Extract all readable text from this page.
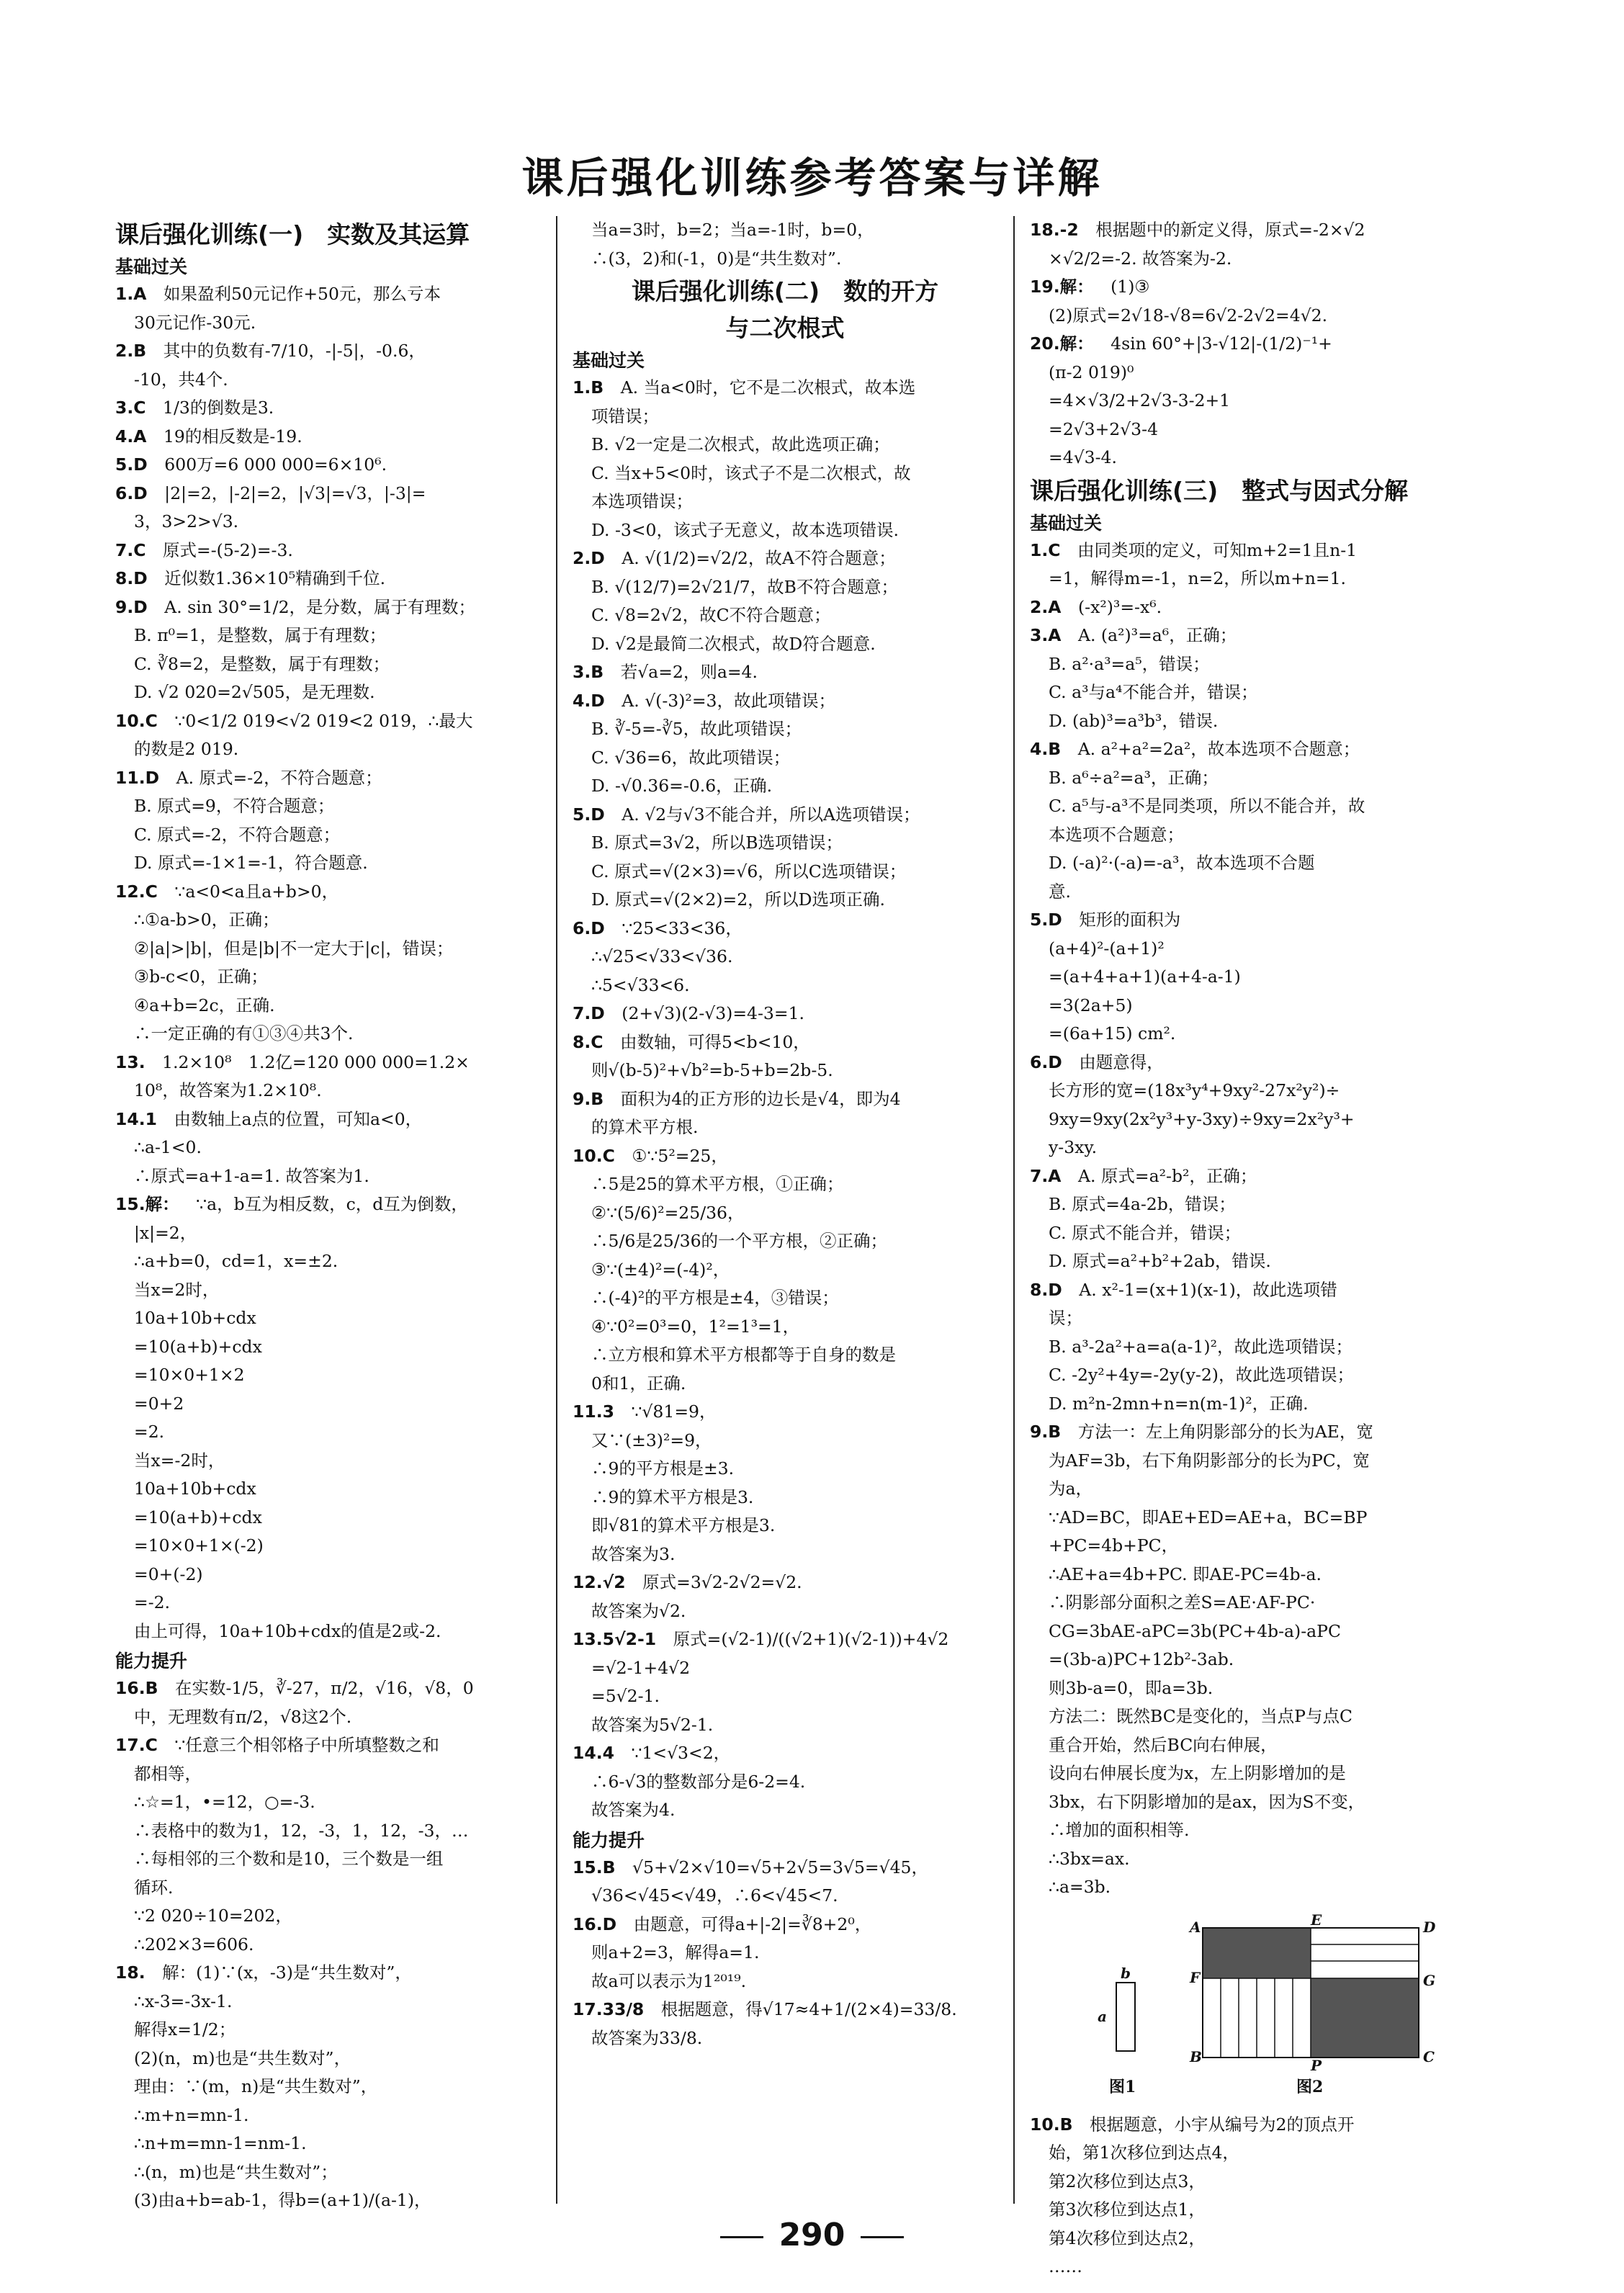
课后强化训练参考答案与详解
课后强化训练(一)　实数及其运算
基础过关
1.A 如果盈利50元记作+50元，那么亏本
30元记作-30元.
2.B 其中的负数有-7/10，-|-5|，-0.6，
-10，共4个.
3.C 1/3的倒数是3.
4.A 19的相反数是-19.
5.D 600万=6 000 000=6×10⁶.
6.D |2|=2，|-2|=2，|√3|=√3，|-3|=
3，3>2>√3.
7.C 原式=-(5-2)=-3.
8.D 近似数1.36×10⁵精确到千位.
9.D A. sin 30°=1/2，是分数，属于有理数；
B. π⁰=1，是整数，属于有理数；
C. ∛8=2，是整数，属于有理数；
D. √2 020=2√505，是无理数.
10.C ∵0<1/2 019<√2 019<2 019，∴最大
的数是2 019.
11.D A. 原式=-2，不符合题意；
B. 原式=9，不符合题意；
C. 原式=-2，不符合题意；
D. 原式=-1×1=-1，符合题意.
12.C ∵a<0<a且a+b>0，
∴①a-b>0，正确；
②|a|>|b|，但是|b|不一定大于|c|，错误；
③b-c<0，正确；
④a+b=2c，正确.
∴一定正确的有①③④共3个.
13. 1.2×10⁸　1.2亿=120 000 000=1.2×
10⁸，故答案为1.2×10⁸.
14.1 由数轴上a点的位置，可知a<0，
∴a-1<0.
∴原式=a+1-a=1. 故答案为1.
15.解： ∵a，b互为相反数，c，d互为倒数，
|x|=2，
∴a+b=0，cd=1，x=±2.
当x=2时，
10a+10b+cdx
=10(a+b)+cdx
=10×0+1×2
=0+2
=2.
当x=-2时，
10a+10b+cdx
=10(a+b)+cdx
=10×0+1×(-2)
=0+(-2)
=-2.
由上可得，10a+10b+cdx的值是2或-2.
能力提升
16.B 在实数-1/5，∛-27，π/2，√16，√8，0
中，无理数有π/2，√8这2个.
17.C ∵任意三个相邻格子中所填整数之和
都相等，
∴☆=1，•=12，○=-3.
∴表格中的数为1，12，-3，1，12，-3，…
∴每相邻的三个数和是10，三个数是一组
循环.
∵2 020÷10=202，
∴202×3=606.
18. 解：(1)∵(x，-3)是“共生数对”，
∴x-3=-3x-1.
解得x=1/2；
(2)(n，m)也是“共生数对”，
理由：∵(m，n)是“共生数对”，
∴m+n=mn-1.
∴n+m=mn-1=nm-1.
∴(n，m)也是“共生数对”；
(3)由a+b=ab-1，得b=(a+1)/(a-1)，
当a=3时，b=2；当a=-1时，b=0，
∴(3，2)和(-1，0)是“共生数对”.
课后强化训练(二)　数的开方
与二次根式
基础过关
1.B A. 当a<0时，它不是二次根式，故本选
项错误；
B. √2一定是二次根式，故此选项正确；
C. 当x+5<0时，该式子不是二次根式，故
本选项错误；
D. -3<0，该式子无意义，故本选项错误.
2.D A. √(1/2)=√2/2，故A不符合题意；
B. √(12/7)=2√21/7，故B不符合题意；
C. √8=2√2，故C不符合题意；
D. √2是最简二次根式，故D符合题意.
3.B 若√a=2，则a=4.
4.D A. √(-3)²=3，故此项错误；
B. ∛-5=-∛5，故此项错误；
C. √36=6，故此项错误；
D. -√0.36=-0.6，正确.
5.D A. √2与√3不能合并，所以A选项错误；
B. 原式=3√2，所以B选项错误；
C. 原式=√(2×3)=√6，所以C选项错误；
D. 原式=√(2×2)=2，所以D选项正确.
6.D ∵25<33<36，
∴√25<√33<√36.
∴5<√33<6.
7.D (2+√3)(2-√3)=4-3=1.
8.C 由数轴，可得5<b<10，
则√(b-5)²+√b²=b-5+b=2b-5.
9.B 面积为4的正方形的边长是√4，即为4
的算术平方根.
10.C ①∵5²=25，
∴5是25的算术平方根，①正确；
②∵(5/6)²=25/36，
∴5/6是25/36的一个平方根，②正确；
③∵(±4)²=(-4)²，
∴(-4)²的平方根是±4，③错误；
④∵0²=0³=0，1²=1³=1，
∴立方根和算术平方根都等于自身的数是
0和1，正确.
11.3 ∵√81=9，
又∵(±3)²=9，
∴9的平方根是±3.
∴9的算术平方根是3.
即√81的算术平方根是3.
故答案为3.
12.√2 原式=3√2-2√2=√2.
故答案为√2.
13.5√2-1 原式=(√2-1)/((√2+1)(√2-1))+4√2
=√2-1+4√2
=5√2-1.
故答案为5√2-1.
14.4 ∵1<√3<2，
∴6-√3的整数部分是6-2=4.
故答案为4.
能力提升
15.B √5+√2×√10=√5+2√5=3√5=√45，
√36<√45<√49，∴6<√45<7.
16.D 由题意，可得a+|-2|=∛8+2⁰，
则a+2=3，解得a=1.
故a可以表示为1²⁰¹⁹.
17.33/8 根据题意，得√17≈4+1/(2×4)=33/8.
故答案为33/8.
18.-2 根据题中的新定义得，原式=-2×√2
×√2/2=-2. 故答案为-2.
19.解： (1)③
(2)原式=2√18-√8=6√2-2√2=4√2.
20.解： 4sin 60°+|3-√12|-(1/2)⁻¹+
(π-2 019)⁰
=4×√3/2+2√3-3-2+1
=2√3+2√3-4
=4√3-4.
课后强化训练(三)　整式与因式分解
基础过关
1.C 由同类项的定义，可知m+2=1且n-1
=1，解得m=-1，n=2，所以m+n=1.
2.A (-x²)³=-x⁶.
3.A A. (a²)³=a⁶，正确；
B. a²·a³=a⁵，错误；
C. a³与a⁴不能合并，错误；
D. (ab)³=a³b³，错误.
4.B A. a²+a²=2a²，故本选项不合题意；
B. a⁶÷a²=a³，正确；
C. a⁵与-a³不是同类项，所以不能合并，故
本选项不合题意；
D. (-a)²·(-a)=-a³，故本选项不合题
意.
5.D 矩形的面积为
(a+4)²-(a+1)²
=(a+4+a+1)(a+4-a-1)
=3(2a+5)
=(6a+15) cm².
6.D 由题意得，
长方形的宽=(18x³y⁴+9xy²-27x²y²)÷
9xy=9xy(2x²y³+y-3xy)÷9xy=2x²y³+
y-3xy.
7.A A. 原式=a²-b²，正确；
B. 原式=4a-2b，错误；
C. 原式不能合并，错误；
D. 原式=a²+b²+2ab，错误.
8.D A. x²-1=(x+1)(x-1)，故此选项错
误；
B. a³-2a²+a=a(a-1)²，故此选项错误；
C. -2y²+4y=-2y(y-2)，故此选项错误；
D. m²n-2mn+n=n(m-1)²，正确.
9.B 方法一：左上角阴影部分的长为AE，宽
为AF=3b，右下角阴影部分的长为PC，宽
为a，
∵AD=BC，即AE+ED=AE+a，BC=BP
+PC=4b+PC，
∴AE+a=4b+PC. 即AE-PC=4b-a.
∴阴影部分面积之差S=AE·AF-PC·
CG=3bAE-aPC=3b(PC+4b-a)-aPC
=(3b-a)PC+12b²-3ab.
则3b-a=0，即a=3b.
方法二：既然BC是变化的，当点P与点C
重合开始，然后BC向右伸展，
设向右伸展长度为x，左上阴影增加的是
3bx，右下阴影增加的是ax，因为S不变，
∴增加的面积相等.
∴3bx=ax.
∴a=3b.
b
a
A	E	D
F	G
B	P	C
图1	图2
10.B 根据题意，小宇从编号为2的顶点开
始，第1次移位到达点4，
第2次移位到达点3，
第3次移位到达点1，
第4次移位到达点2，
……
290
